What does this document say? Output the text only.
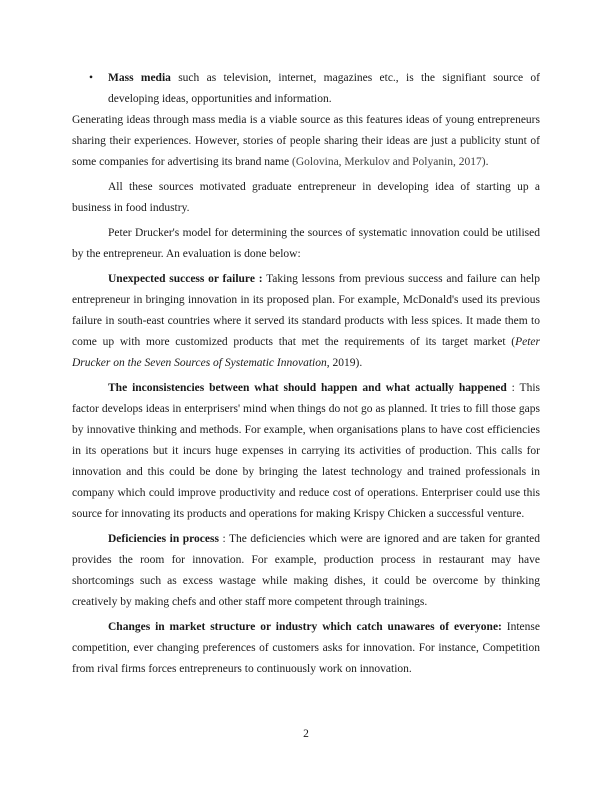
• Mass media such as television, internet, magazines etc., is the signifiant source of developing ideas, opportunities and information.

Generating ideas through mass media is a viable source as this features ideas of young entrepreneurs sharing their experiences. However, stories of people sharing their ideas are just a publicity stunt of some companies for advertising its brand name (Golovina, Merkulov and Polyanin, 2017).

All these sources motivated graduate entrepreneur in developing idea of starting up a business in food industry.

Peter Drucker's model for determining the sources of systematic innovation could be utilised by the entrepreneur. An evaluation is done below:

Unexpected success or failure : Taking lessons from previous success and failure can help entrepreneur in bringing innovation in its proposed plan. For example, McDonald's used its previous failure in south-east countries where it served its standard products with less spices. It made them to come up with more customized products that met the requirements of its target market (Peter Drucker on the Seven Sources of Systematic Innovation, 2019).

The inconsistencies between what should happen and what actually happened : This factor develops ideas in enterprisers' mind when things do not go as planned. It tries to fill those gaps by innovative thinking and methods. For example, when organisations plans to have cost efficiencies in its operations but it incurs huge expenses in carrying its activities of production. This calls for innovation and this could be done by bringing the latest technology and trained professionals in company which could improve productivity and reduce cost of operations. Enterpriser could use this source for innovating its products and operations for making Krispy Chicken a successful venture.

Deficiencies in process : The deficiencies which were are ignored and are taken for granted provides the room for innovation. For example, production process in restaurant may have shortcomings such as excess wastage while making dishes, it could be overcome by thinking creatively by making chefs and other staff more competent through trainings.

Changes in market structure or industry which catch unawares of everyone: Intense competition, ever changing preferences of customers asks for innovation. For instance, Competition from rival firms forces entrepreneurs to continuously work on innovation.

2
